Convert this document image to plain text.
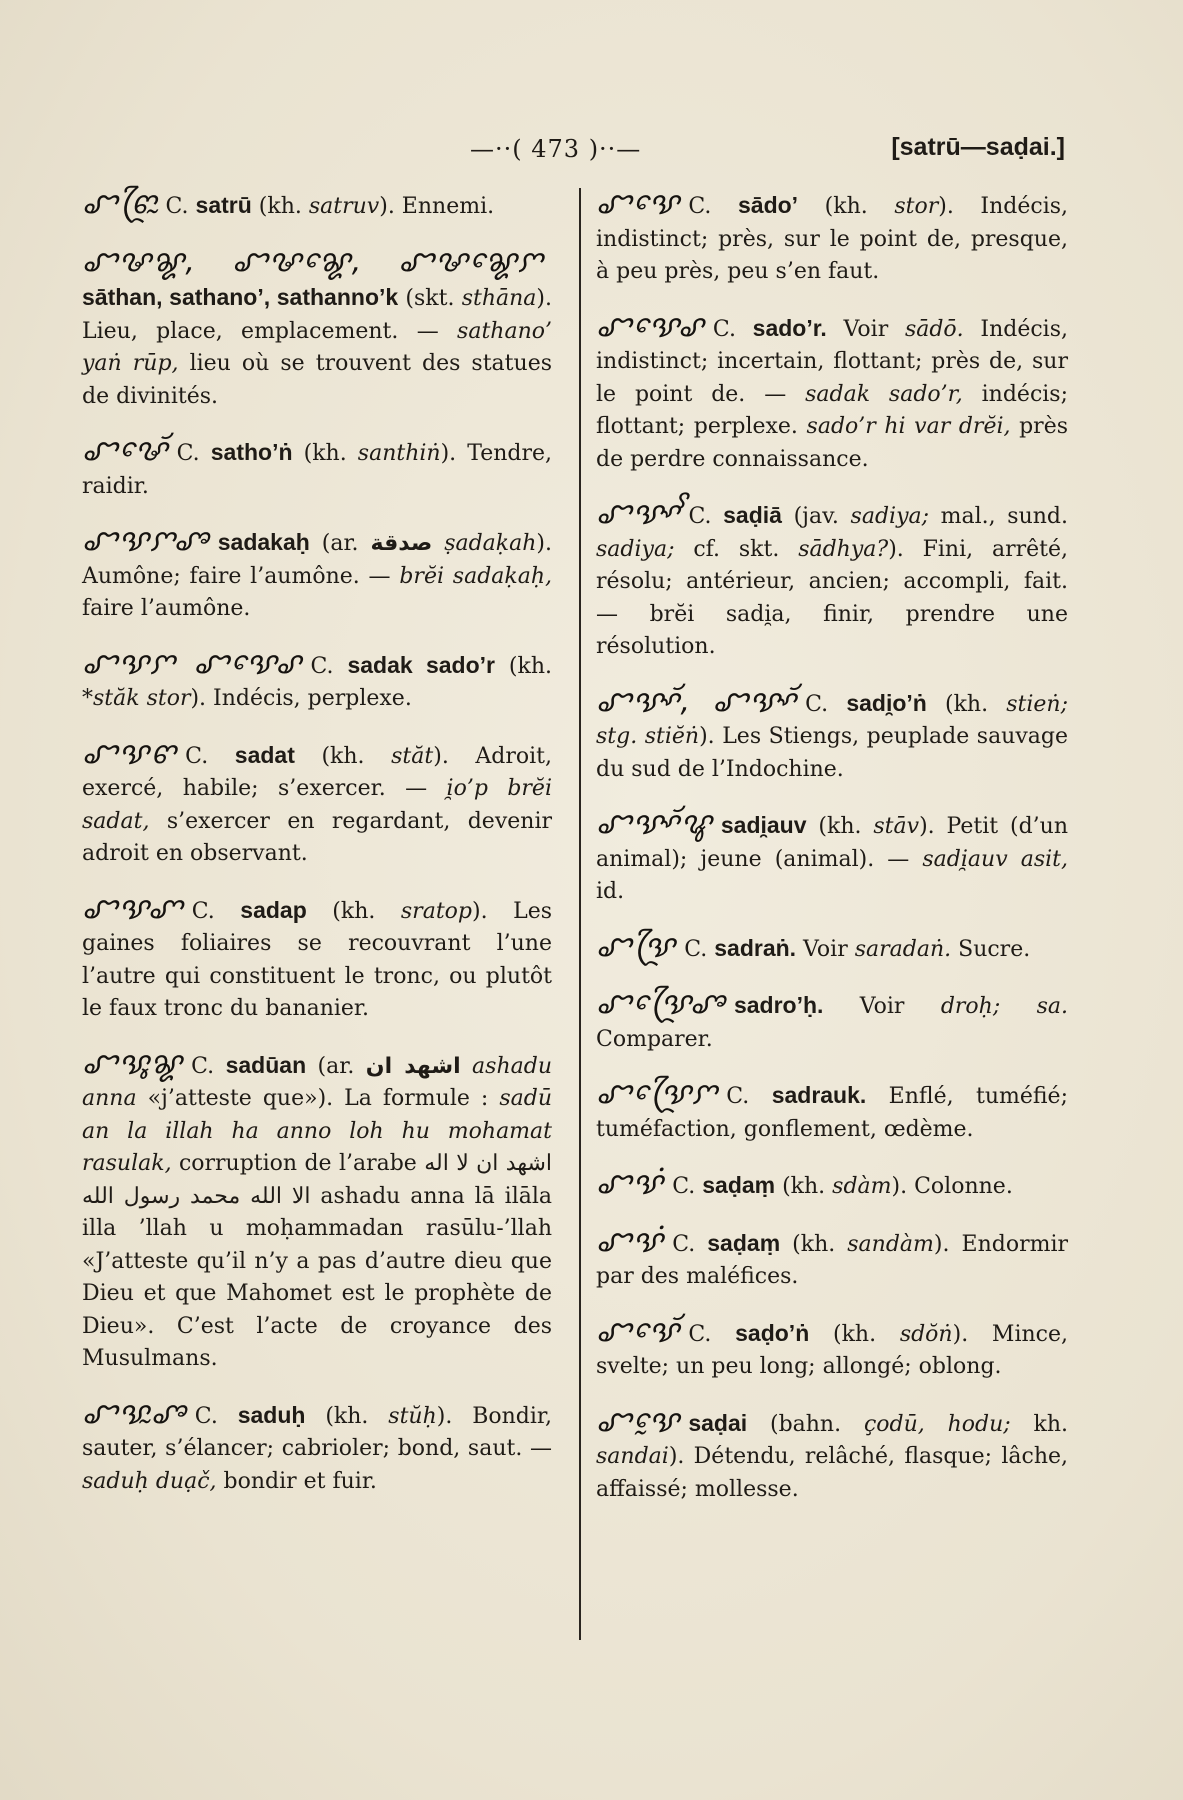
—··( 473 )··—	[satrū—saḍai.]

ꨧꨓꨴꨭ C. satrū (kh. satruv). Ennemi.

ꨧꨔꨘ, ꨧꨔꨘꨯ, ꨧꨔꨘꨯꨆsāthan, sathano’, sathanno’k (skt. sthāna). Lieu, place, emplacement. — sathano’ yaṅ rūp, lieu où se trouvent des statues de divinités.

ꨧꨔꨯꨮ C. satho’ṅ (kh. santhiṅ). Tendre, raidir.

ꨧꨕꨆꨨ sadakaḥ (ar. صدقة ṣadaḳah). Aumône; faire l’aumône. — brĕi sadaḳaḥ, faire l’aumône.

ꨧꨕꨆ ꨧꨕꨯꨣ C. sadak sado’r (kh. *stăk stor). Indécis, perplexe.

ꨧꨕꨓ C. sadat (kh. stăt). Adroit, exercé, habile; s’exercer. — i̯o’p brĕi sadat, s’exercer en regardant, devenir adroit en observant.

ꨧꨕꨚ C. sadap (kh. sratop). Les gaines foliaires se recouvrant l’une l’autre qui constituent le tronc, ou plutôt le faux tronc du bananier.

ꨧꨕꨶꨘ C. sadūan (ar. اشهد ان ashadu anna «j’atteste que»). La formule : sadū an la illah ha anno loh hu mohamat rasulak, corruption de l’arabe اشهد ان لا اله الا الله محمد رسول الله ashadu anna lā ilāla illa ’llah u moḥammadan rasūlu-’llah «J’atteste qu’il n’y a pas d’autre dieu que Dieu et que Mahomet est le prophète de Dieu». C’est l’acte de croyance des Musulmans.

ꨧꨕꨭꨨ C. saduḥ (kh. stŭḥ). Bondir, sauter, s’élancer; cabrioler; bond, saut. — saduḥ duạč, bondir et fuir.

ꨧꨕꨯ C. sādo’ (kh. stor). Indécis, indistinct; près, sur le point de, presque, à peu près, peu s’en faut.

ꨧꨕꨯꨣ C. sado’r. Voir sādō. Indécis, indistinct; incertain, flottant; près de, sur le point de. — sadak sado’r, indécis; flottant; perplexe. sado’r hi var drĕi, près de perdre connaissance.

ꨧꨕꨳꨩ C. saḍiā (jav. sadiya; mal., sund. sadiya; cf. skt. sādhya?). Fini, arrêté, résolu; antérieur, ancien; accompli, fait. — brĕi sadi̯a, finir, prendre une résolution.

ꨧꨕꨳꨮ, ꨧꨕꨳꨮ C. sadi̯o’ṅ (kh. stieṅ; stg. stiĕṅ). Les Stiengs, peuplade sauvage du sud de l’Indochine.

ꨧꨕꨳꨮꨥ sadi̯auv (kh. stāv). Petit (d’un animal); jeune (animal). — sadi̯auv asit, id.

ꨧꨕꨴ C. sadraṅ. Voir saradaṅ. Sucre.

ꨧꨕꨴꨯꨨ sadro’ḥ. Voir droḥ; sa. Comparer.

ꨧꨕꨴꨯꨆ C. sadrauk. Enflé, tuméfié; tuméfaction, gonflement, œdème.

ꨧꨕꩌ C. saḍaṃ (kh. sdàm). Colonne.

ꨧꨕꩌ C. saḍaṃ (kh. sandàm). Endormir par des maléfices.

ꨧꨕꨯꨮ C. saḍo’ṅ (kh. sdŏṅ). Mince, svelte; un peu long; allongé; oblong.

ꨧꨕꨰ saḍai (bahn. çodū, hodu; kh. sandai). Détendu, relâché, flasque; lâche, affaissé; mollesse.
